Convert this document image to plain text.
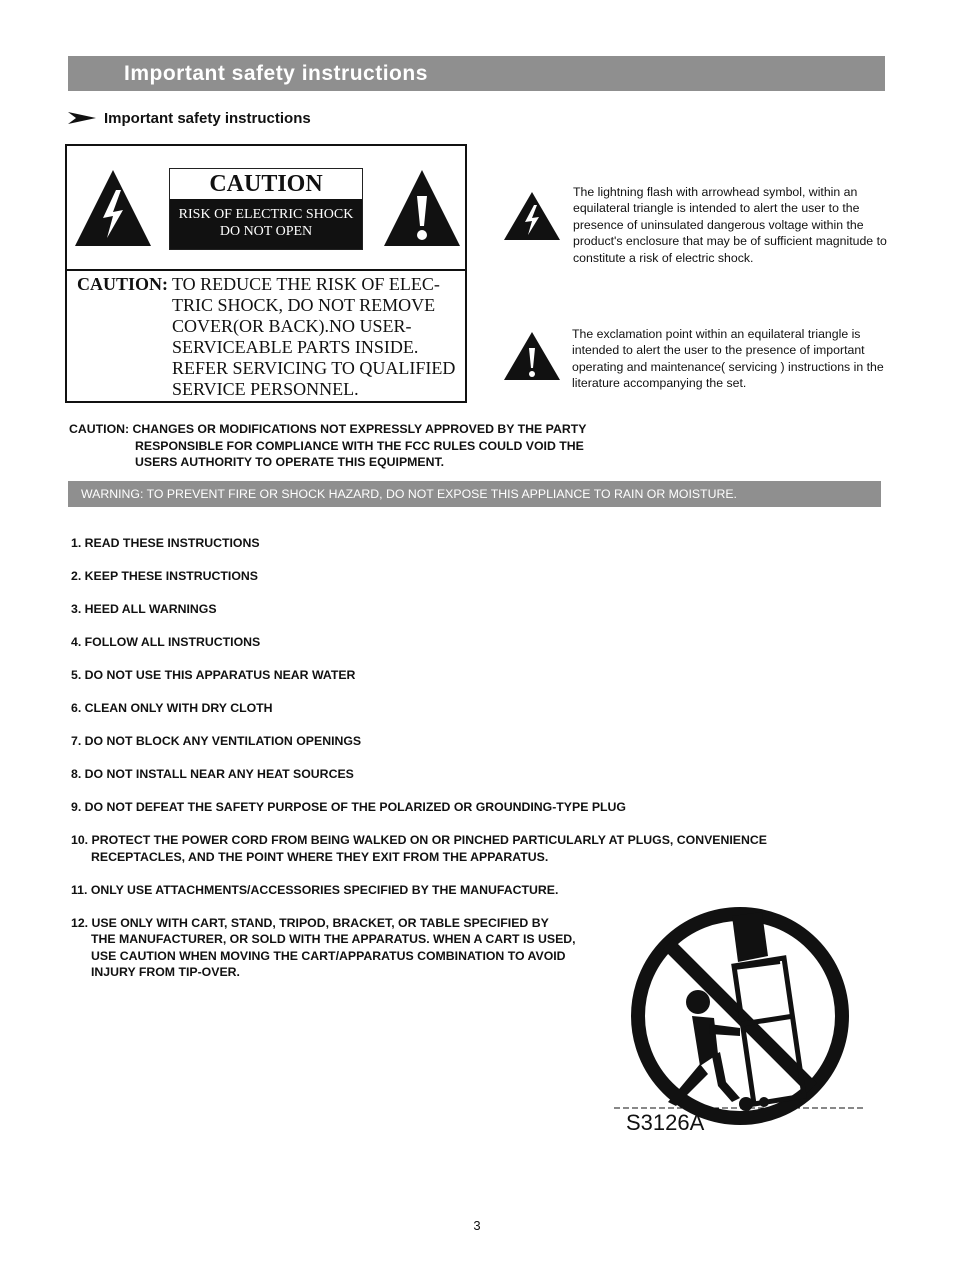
Important safety instructions
Important safety instructions
CAUTION
RISK OF ELECTRIC SHOCK
DO NOT OPEN
CAUTION: TO REDUCE THE RISK OF ELEC-
TRIC SHOCK, DO NOT REMOVE
COVER(OR BACK).NO USER-
SERVICEABLE PARTS INSIDE.
REFER SERVICING TO QUALIFIED
SERVICE PERSONNEL.
The lightning flash with arrowhead symbol, within an equilateral triangle is intended to alert the user to the presence of uninsulated dangerous voltage within the product's enclosure that may be of sufficient magnitude to constitute a risk of electric shock.
The exclamation point within an equilateral triangle is intended to alert the user to the presence of important operating and maintenance( servicing ) instructions in the literature accompanying the set.
CAUTION: CHANGES OR MODIFICATIONS NOT EXPRESSLY APPROVED BY THE PARTY
RESPONSIBLE FOR COMPLIANCE WITH THE FCC RULES COULD VOID THE
USERS AUTHORITY TO OPERATE THIS EQUIPMENT.
WARNING: TO PREVENT FIRE OR SHOCK HAZARD, DO NOT EXPOSE THIS APPLIANCE TO RAIN OR MOISTURE.
1. READ THESE INSTRUCTIONS
2. KEEP THESE INSTRUCTIONS
3. HEED ALL WARNINGS
4. FOLLOW ALL INSTRUCTIONS
5. DO NOT USE THIS APPARATUS NEAR WATER
6. CLEAN ONLY WITH DRY CLOTH
7. DO NOT BLOCK ANY VENTILATION OPENINGS
8. DO NOT INSTALL NEAR ANY HEAT SOURCES
9. DO NOT DEFEAT THE SAFETY PURPOSE OF THE POLARIZED OR GROUNDING-TYPE PLUG
10. PROTECT THE POWER CORD FROM BEING WALKED ON OR PINCHED PARTICULARLY AT PLUGS, CONVENIENCE
RECEPTACLES, AND THE POINT WHERE THEY EXIT FROM THE APPARATUS.
11. ONLY USE ATTACHMENTS/ACCESSORIES SPECIFIED BY THE MANUFACTURE.
12. USE ONLY WITH CART, STAND, TRIPOD, BRACKET, OR TABLE SPECIFIED BY
THE MANUFACTURER, OR SOLD WITH THE APPARATUS. WHEN A CART IS USED,
USE CAUTION WHEN MOVING THE CART/APPARATUS COMBINATION TO AVOID
INJURY FROM TIP-OVER.
S3126A
3
